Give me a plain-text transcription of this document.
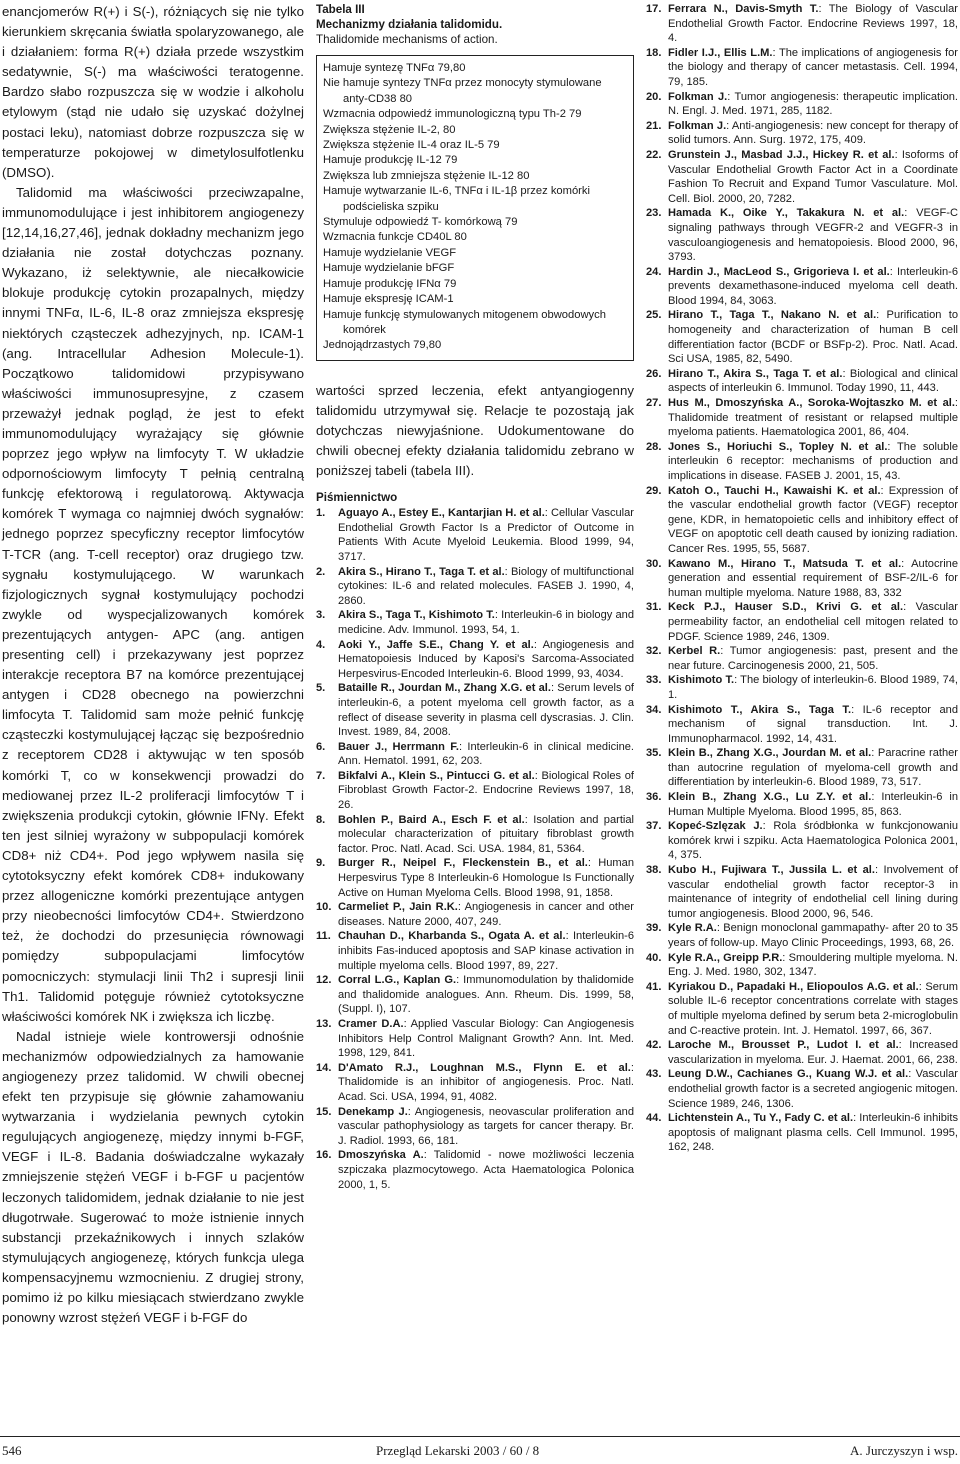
enancjomerów R(+) i S(-), różniących się nie tylko kierunkiem skręcania światła spolaryzowanego, ale i działaniem: forma R(+) działa przede wszystkim sedatywnie, S(-) ma właściwości teratogenne. Bardzo słabo rozpuszcza się w wodzie i alkoholu etylowym (stąd nie udało się uzyskać dożylnej postaci leku), natomiast dobrze rozpuszcza się w temperaturze pokojowej w dimetylosulfotlenku (DMSO).

Talidomid ma właściwości przeciwzapalne, immunomodulujące i jest inhibitorem angiogenezy [12,14,16,27,46], jednak dokładny mechanizm jego działania nie został dotychczas poznany. Wykazano, iż selektywnie, ale niecałkowicie blokuje produkcję cytokin prozapalnych, między innymi TNFα, IL-6, IL-8 oraz zmniejsza ekspresję niektórych cząsteczek adhezyjnych, np. ICAM-1 (ang. Intracellular Adhesion Molecule-1). Początkowo talidomidowi przypisywano właściwości immunosupresyjne, z czasem przeważył jednak pogląd, że jest to efekt immunomodulujący wyrażający się głównie poprzez jego wpływ na limfocyty T. W układzie odpornościowym limfocyty T pełnią centralną funkcję efektorową i regulatorową. Aktywacja komórek T wymaga co najmniej dwóch sygnałów: jednego poprzez specyficzny receptor limfocytów T-TCR (ang. T-cell receptor) oraz drugiego tzw. sygnału kostymulującego. W warunkach fizjologicznych sygnał kostymulujący pochodzi zwykle od wyspecjalizowanych komórek prezentujących antygen- APC (ang. antigen presenting cell) i przekazywany jest poprzez interakcje receptora B7 na komórce prezentującej antygen i CD28 obecnego na powierzchni limfocyta T. Talidomid sam może pełnić funkcję cząsteczki kostymulującej łącząc się bezpośrednio z receptorem CD28 i aktywując w ten sposób komórki T, co w konsekwencji prowadzi do mediowanej przez IL-2 proliferacji limfocytów T i zwiększenia produkcji cytokin, głównie IFNγ. Efekt ten jest silniej wyrażony w subpopulacji komórek CD8+ niż CD4+. Pod jego wpływem nasila się cytotoksyczny efekt komórek CD8+ indukowany przez allogeniczne komórki prezentujące antygen przy nieobecności limfocytów CD4+. Stwierdzono też, że dochodzi do przesunięcia równowagi pomiędzy subpopulacjami limfocytów pomocniczych: stymulacji linii Th2 i supresji linii Th1. Talidomid potęguje również cytotoksyczne właściwości komórek NK i zwiększa ich liczbę.

Nadal istnieje wiele kontrowersji odnośnie mechanizmów odpowiedzialnych za hamowanie angiogenezy przez talidomid. W chwili obecnej efekt ten przypisuje się głównie zahamowaniu wytwarzania i wydzielania pewnych cytokin regulujących angiogenezę, między innymi b-FGF, VEGF i IL-8. Badania doświadczalne wykazały zmniejszenie stężeń VEGF i b-FGF u pacjentów leczonych talidomidem, jednak działanie to nie jest długotrwałe. Sugerować to może istnienie innych substancji przekaźnikowych i innych szlaków stymulujących angiogenezę, których funkcja ulega kompensacyjnemu wzmocnieniu. Z drugiej strony, pomimo iż po kilku miesiącach stwierdzano zwykle ponowny wzrost stężeń VEGF i b-FGF do

Tabela III

Mechanizmy działania talidomidu.

Thalidomide mechanisms of action.

Hamuje syntezę TNFα 79,80
Nie hamuje syntezy TNFα przez monocyty stymulowane anty-CD38 80
Wzmacnia odpowiedź immunologiczną typu Th-2 79
Zwiększa stężenie IL-2, 80
Zwiększa stężenie IL-4 oraz IL-5 79
Hamuje produkcję IL-12 79
Zwiększa lub zmniejsza stężenie IL-12 80
Hamuje wytwarzanie IL-6, TNFα i IL-1β przez komórki podścieliska szpiku
Stymuluje odpowiedź T- komórkową 79
Wzmacnia funkcje CD40L 80
Hamuje wydzielanie VEGF
Hamuje wydzielanie bFGF
Hamuje produkcję IFNα 79
Hamuje ekspresję ICAM-1
Hamuje funkcję stymulowanych mitogenem obwodowych komórek
Jednojądrzastych 79,80

wartości sprzed leczenia, efekt antyangiogenny talidomidu utrzymywał się. Relacje te pozostają jak dotychczas niewyjaśnione. Udokumentowane do chwili obecnej efekty działania talidomidu zebrano w poniższej tabeli (tabela III).

Piśmiennictwo

1. Aguayo A., Estey E., Kantarjian H. et al.: Cellular Vascular Endothelial Growth Factor Is a Predictor of Outcome in Patients With Acute Myeloid Leukemia. Blood 1999, 94, 3717.
2. Akira S., Hirano T., Taga T. et al.: Biology of multifunctional cytokines: IL-6 and related molecules. FASEB J. 1990, 4, 2860.
3. Akira S., Taga T., Kishimoto T.: Interleukin-6 in biology and medicine. Adv. Immunol. 1993, 54, 1.
4. Aoki Y., Jaffe S.E., Chang Y. et al.: Angiogenesis and Hematopoiesis Induced by Kaposi's Sarcoma-Associated Herpesvirus-Encoded Interleukin-6. Blood 1999, 93, 4034.
5. Bataille R., Jourdan M., Zhang X.G. et al.: Serum levels of interleukin-6, a potent myeloma cell growth factor, as a reflect of disease severity in plasma cell dyscrasias. J. Clin. Invest. 1989, 84, 2008.
6. Bauer J., Herrmann F.: Interleukin-6 in clinical medicine. Ann. Hematol. 1991, 62, 203.
7. Bikfalvi A., Klein S., Pintucci G. et al.: Biological Roles of Fibroblast Growth Factor-2. Endocrine Reviews 1997, 18, 26.
8. Bohlen P., Baird A., Esch F. et al.: Isolation and partial molecular characterization of pituitary fibroblast growth factor. Proc. Natl. Acad. Sci. USA. 1984, 81, 5364.
9. Burger R., Neipel F., Fleckenstein B., et al.: Human Herpesvirus Type 8 Interleukin-6 Homologue Is Functionally Active on Human Myeloma Cells. Blood 1998, 91, 1858.
10. Carmeliet P., Jain R.K.: Angiogenesis in cancer and other diseases. Nature 2000, 407, 249.
11. Chauhan D., Kharbanda S., Ogata A. et al.: Interleukin-6 inhibits Fas-induced apoptosis and SAP kinase activation in multiple myeloma cells. Blood 1997, 89, 227.
12. Corral L.G., Kaplan G.: Immunomodulation by thalidomide and thalidomide analogues. Ann. Rheum. Dis. 1999, 58, (Suppl. I), 107.
13. Cramer D.A.: Applied Vascular Biology: Can Angiogenesis Inhibitors Help Control Malignant Growth? Ann. Int. Med. 1998, 129, 841.
14. D'Amato R.J., Loughnan M.S., Flynn E. et al.: Thalidomide is an inhibitor of angiogenesis. Proc. Natl. Acad. Sci. USA, 1994, 91, 4082.
15. Denekamp J.: Angiogenesis, neovascular proliferation and vascular pathophysiology as targets for cancer therapy. Br. J. Radiol. 1993, 66, 181.
16. Dmoszyńska A.: Talidomid - nowe możliwości leczenia szpiczaka plazmocytowego. Acta Haematologica Polonica 2000, 1, 5.
17. Ferrara N., Davis-Smyth T.: The Biology of Vascular Endothelial Growth Factor. Endocrine Reviews 1997, 18, 4.
18. Fidler I.J., Ellis L.M.: The implications of angiogenesis for the biology and therapy of cancer metastasis. Cell. 1994, 79, 185.
20. Folkman J.: Tumor angiogenesis: therapeutic implication. N. Engl. J. Med. 1971, 285, 1182.
21. Folkman J.: Anti-angiogenesis: new concept for therapy of solid tumors. Ann. Surg. 1972, 175, 409.
22. Grunstein J., Masbad J.J., Hickey R. et al.: Isoforms of Vascular Endothelial Growth Factor Act in a Coordinate Fashion To Recruit and Expand Tumor Vasculature. Mol. Cell. Biol. 2000, 20, 7282.
23. Hamada K., Oike Y., Takakura N. et al.: VEGF-C signaling pathways through VEGFR-2 and VEGFR-3 in vasculoangiogenesis and hematopoiesis. Blood 2000, 96, 3793.
24. Hardin J., MacLeod S., Grigorieva I. et al.: Interleukin-6 prevents dexamethasone-induced myeloma cell death. Blood 1994, 84, 3063.
25. Hirano T., Taga T., Nakano N. et al.: Purification to homogeneity and characterization of human B cell differentiation factor (BCDF or BSFp-2). Proc. Natl. Acad. Sci USA, 1985, 82, 5490.
26. Hirano T., Akira S., Taga T. et al.: Biological and clinical aspects of interleukin 6. Immunol. Today 1990, 11, 443.
27. Hus M., Dmoszyńska A., Soroka-Wojtaszko M. et al.: Thalidomide treatment of resistant or relapsed multiple myeloma patients. Haematologica 2001, 86, 404.
28. Jones S., Horiuchi S., Topley N. et al.: The soluble interleukin 6 receptor: mechanisms of production and implications in disease. FASEB J. 2001, 15, 43.
29. Katoh O., Tauchi H., Kawaishi K. et al.: Expression of the vascular endothelial growth factor (VEGF) receptor gene, KDR, in hematopoietic cells and inhibitory effect of VEGF on apoptotic cell death caused by ionizing radiation. Cancer Res. 1995, 55, 5687.
30. Kawano M., Hirano T., Matsuda T. et al.: Autocrine generation and essential requirement of BSF-2/IL-6 for human multiple myeloma. Nature 1988, 83, 332
31. Keck P.J., Hauser S.D., Krivi G. et al.: Vascular permeability factor, an endothelial cell mitogen related to PDGF. Science 1989, 246, 1309.
32. Kerbel R.: Tumor angiogenesis: past, present and the near future. Carcinogenesis 2000, 21, 505.
33. Kishimoto T.: The biology of interleukin-6. Blood 1989, 74, 1.
34. Kishimoto T., Akira S., Taga T.: IL-6 receptor and mechanism of signal transduction. Int. J. Immunopharmacol. 1992, 14, 431.
35. Klein B., Zhang X.G., Jourdan M. et al.: Paracrine rather than autocrine regulation of myeloma-cell growth and differentiation by interleukin-6. Blood 1989, 73, 517.
36. Klein B., Zhang X.G., Lu Z.Y. et al.: Interleukin-6 in Human Multiple Myeloma. Blood 1995, 85, 863.
37. Kopeć-Szlęzak J.: Rola śródbłonka w funkcjonowaniu komórek krwi i szpiku. Acta Haematologica Polonica 2001, 4, 375.
38. Kubo H., Fujiwara T., Jussila L. et al.: Involvement of vascular endothelial growth factor receptor-3 in maintenance of integrity of endothelial cell lining during tumor angiogenesis. Blood 2000, 96, 546.
39. Kyle R.A.: Benign monoclonal gammapathy- after 20 to 35 years of follow-up. Mayo Clinic Proceedings, 1993, 68, 26.
40. Kyle R.A., Greipp P.R.: Smouldering multiple myeloma. N. Eng. J. Med. 1980, 302, 1347.
41. Kyriakou D., Papadaki H., Eliopoulos A.G. et al.: Serum soluble IL-6 receptor concentrations correlate with stages of multiple myeloma defined by serum beta 2-microglobulin and C-reactive protein. Int. J. Hematol. 1997, 66, 367.
42. Laroche M., Brousset P., Ludot I. et al.: Increased vascularization in myeloma. Eur. J. Haemat. 2001, 66, 238.
43. Leung D.W., Cachianes G., Kuang W.J. et al.: Vascular endothelial growth factor is a secreted angiogenic mitogen. Science 1989, 246, 1306.
44. Lichtenstein A., Tu Y., Fady C. et al.: Interleukin-6 inhibits apoptosis of malignant plasma cells. Cell Immunol. 1995, 162, 248.
546	Przegląd Lekarski 2003 / 60 / 8	A. Jurczyszyn i wsp.
